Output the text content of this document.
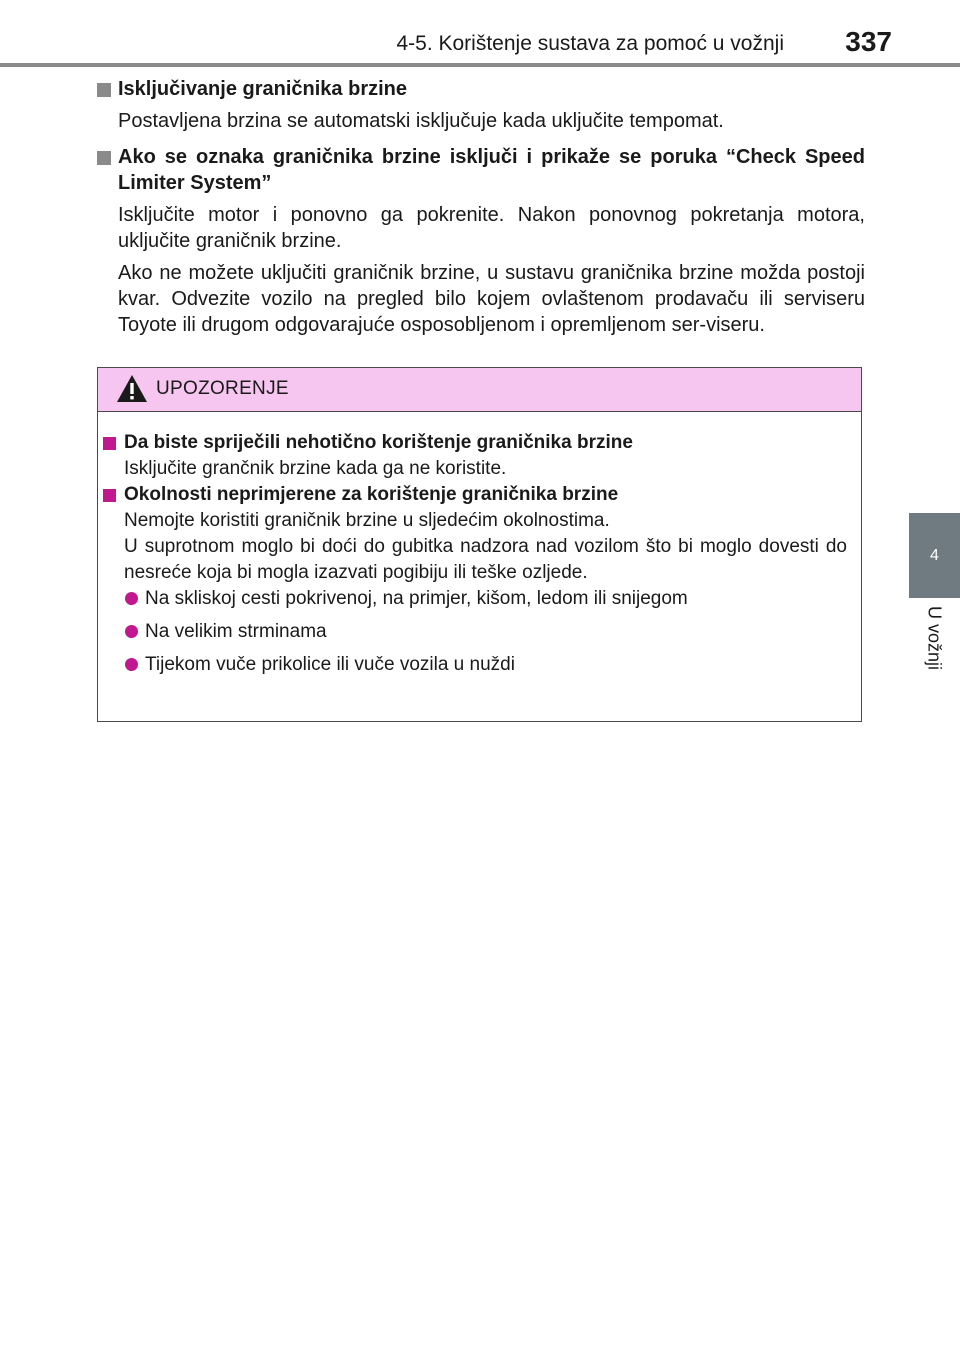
4-5. Korištenje sustava za pomoć u vožnji 337
4
U vožnji
Isključivanje graničnika brzine

Postavljena brzina se automatski isključuje kada uključite tempomat.

Ako se oznaka graničnika brzine isključi i prikaže se poruka “Check Speed Limiter System”

Isključite motor i ponovno ga pokrenite. Nakon ponovnog pokretanja motora, uključite graničnik brzine.

Ako ne možete uključiti graničnik brzine, u sustavu graničnika brzine možda postoji kvar. Odvezite vozilo na pregled bilo kojem ovlaštenom prodavaču ili serviseru Toyote ili drugom odgovarajuće osposobljenom i opremljenom ser-viseru.

UPOZORENJE
Da biste spriječili nehotično korištenje graničnika brzine

Isključite grančnik brzine kada ga ne koristite.

Okolnosti neprimjerene za korištenje graničnika brzine

Nemojte koristiti graničnik brzine u sljedećim okolnostima.

U suprotnom moglo bi doći do gubitka nadzora nad vozilom što bi moglo dovesti do nesreće koja bi mogla izazvati pogibiju ili teške ozljede.

Na skliskoj cesti pokrivenoj, na primjer, kišom, ledom ili snijegom
Na velikim strminama
Tijekom vuče prikolice ili vuče vozila u nuždi
